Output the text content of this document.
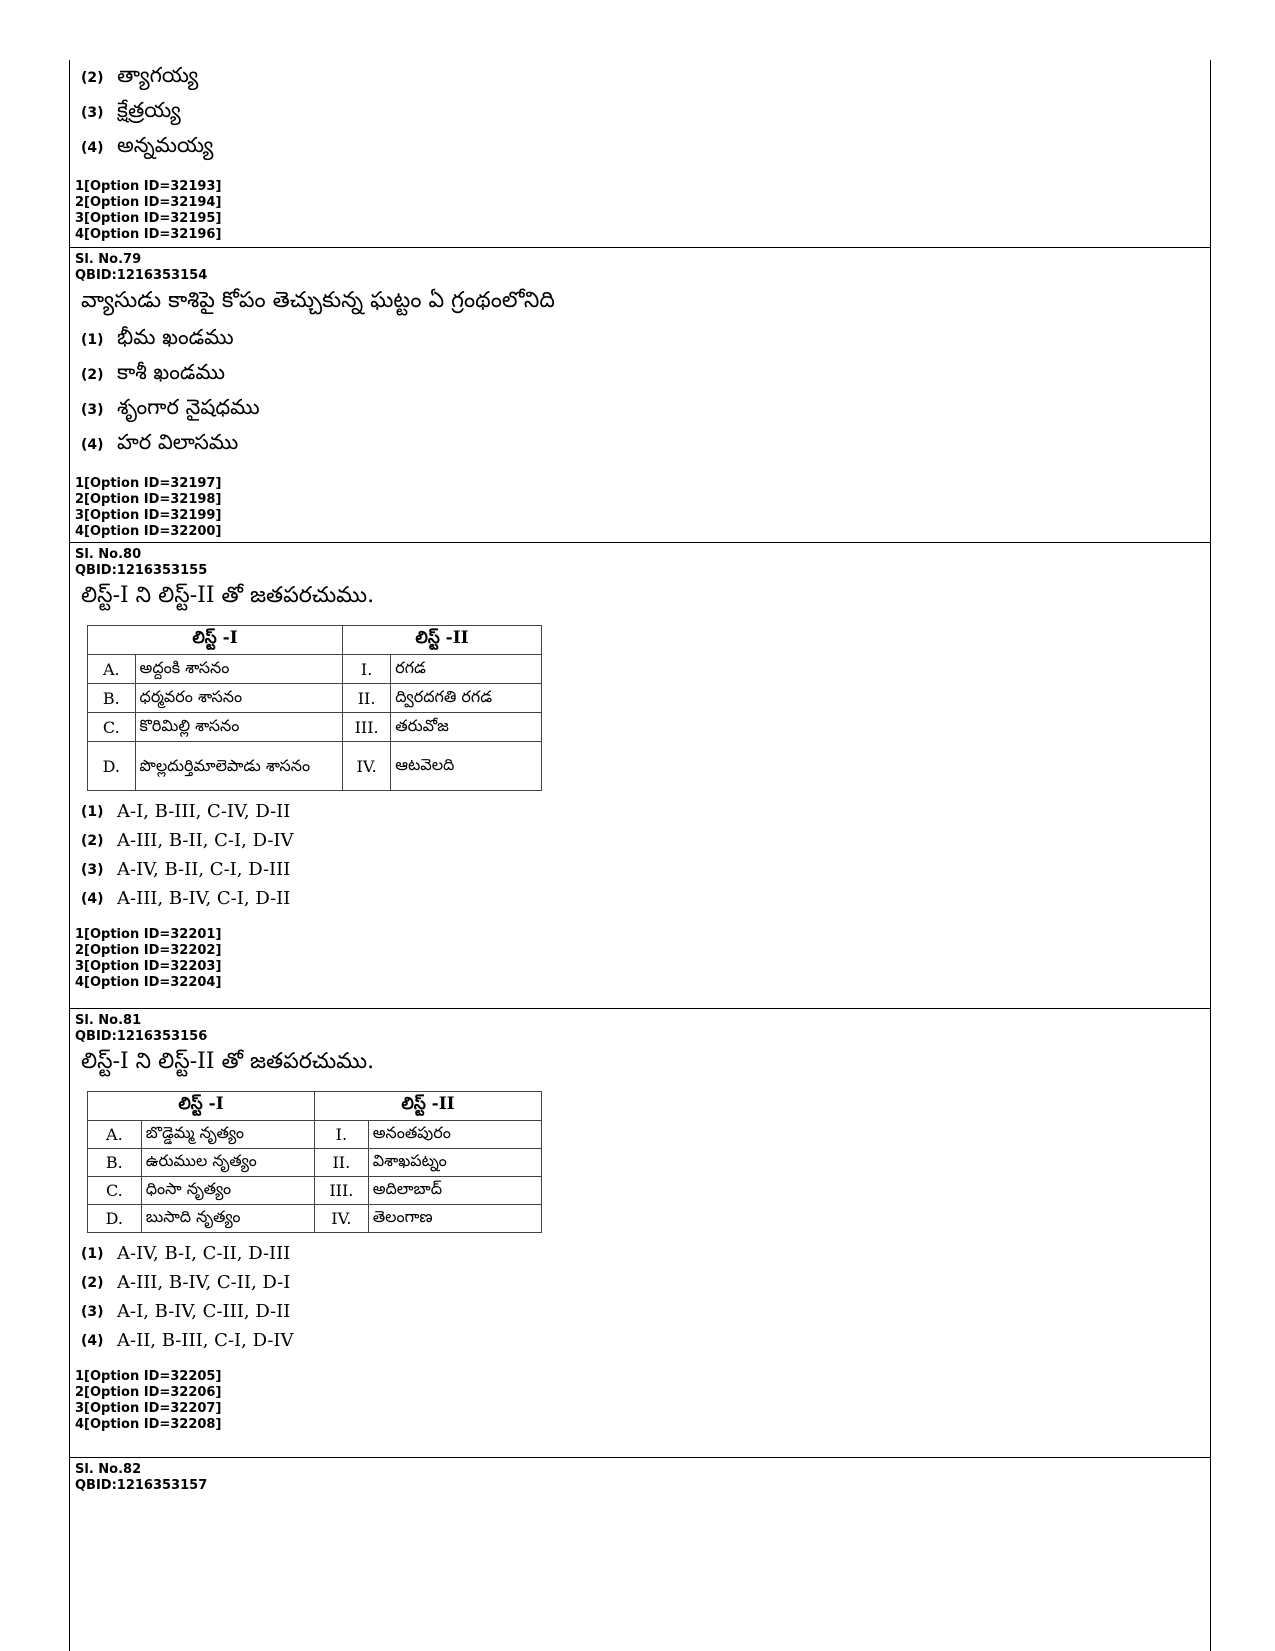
(2) త్యాగయ్య
(3) క్షేత్రయ్య
(4) అన్నమయ్య

1[Option ID=32193]

2[Option ID=32194]

3[Option ID=32195]

4[Option ID=32196]

Sl. No.79

QBID:1216353154

వ్యాసుడు కాశిపై కోపం తెచ్చుకున్న ఘట్టం ఏ గ్రంథంలోనిది
(1) భీమ ఖండము
(2) కాశీ ఖండము
(3) శృంగార నైషధము
(4) హర విలాసము

1[Option ID=32197]

2[Option ID=32198]

3[Option ID=32199]

4[Option ID=32200]

Sl. No.80

QBID:1216353155

లిస్ట్-I ని లిస్ట్-II తో జతపరచుము.
లిస్ట్ -I		లిస్ట్ -II	
A.	అద్దంకి శాసనం	I.	రగడ
B.	ధర్మవరం శాసనం	II.	ద్విరదగతి రగడ
C.	కొరిమిల్లి శాసనం	III.	తరువోజ
D.	పొల్లదుర్తిమాలెపాడు శాసనం	IV.	ఆటవెలది
(1) A-I, B-III, C-IV, D-II
(2) A-III, B-II, C-I, D-IV
(3) A-IV, B-II, C-I, D-III
(4) A-III, B-IV, C-I, D-II

1[Option ID=32201]

2[Option ID=32202]

3[Option ID=32203]

4[Option ID=32204]

Sl. No.81

QBID:1216353156

లిస్ట్-I ని లిస్ట్-II తో జతపరచుము.
లిస్ట్ -I		లిస్ట్ -II	
A.	బొడ్డెమ్మ నృత్యం	I.	అనంతపురం
B.	ఉరుముల నృత్యం	II.	విశాఖపట్నం
C.	ధింసా నృత్యం	III.	అదిలాబాద్
D.	బుసాది నృత్యం	IV.	తెలంగాణ
(1) A-IV, B-I, C-II, D-III
(2) A-III, B-IV, C-II, D-I
(3) A-I, B-IV, C-III, D-II
(4) A-II, B-III, C-I, D-IV

1[Option ID=32205]

2[Option ID=32206]

3[Option ID=32207]

4[Option ID=32208]

Sl. No.82

QBID:1216353157
